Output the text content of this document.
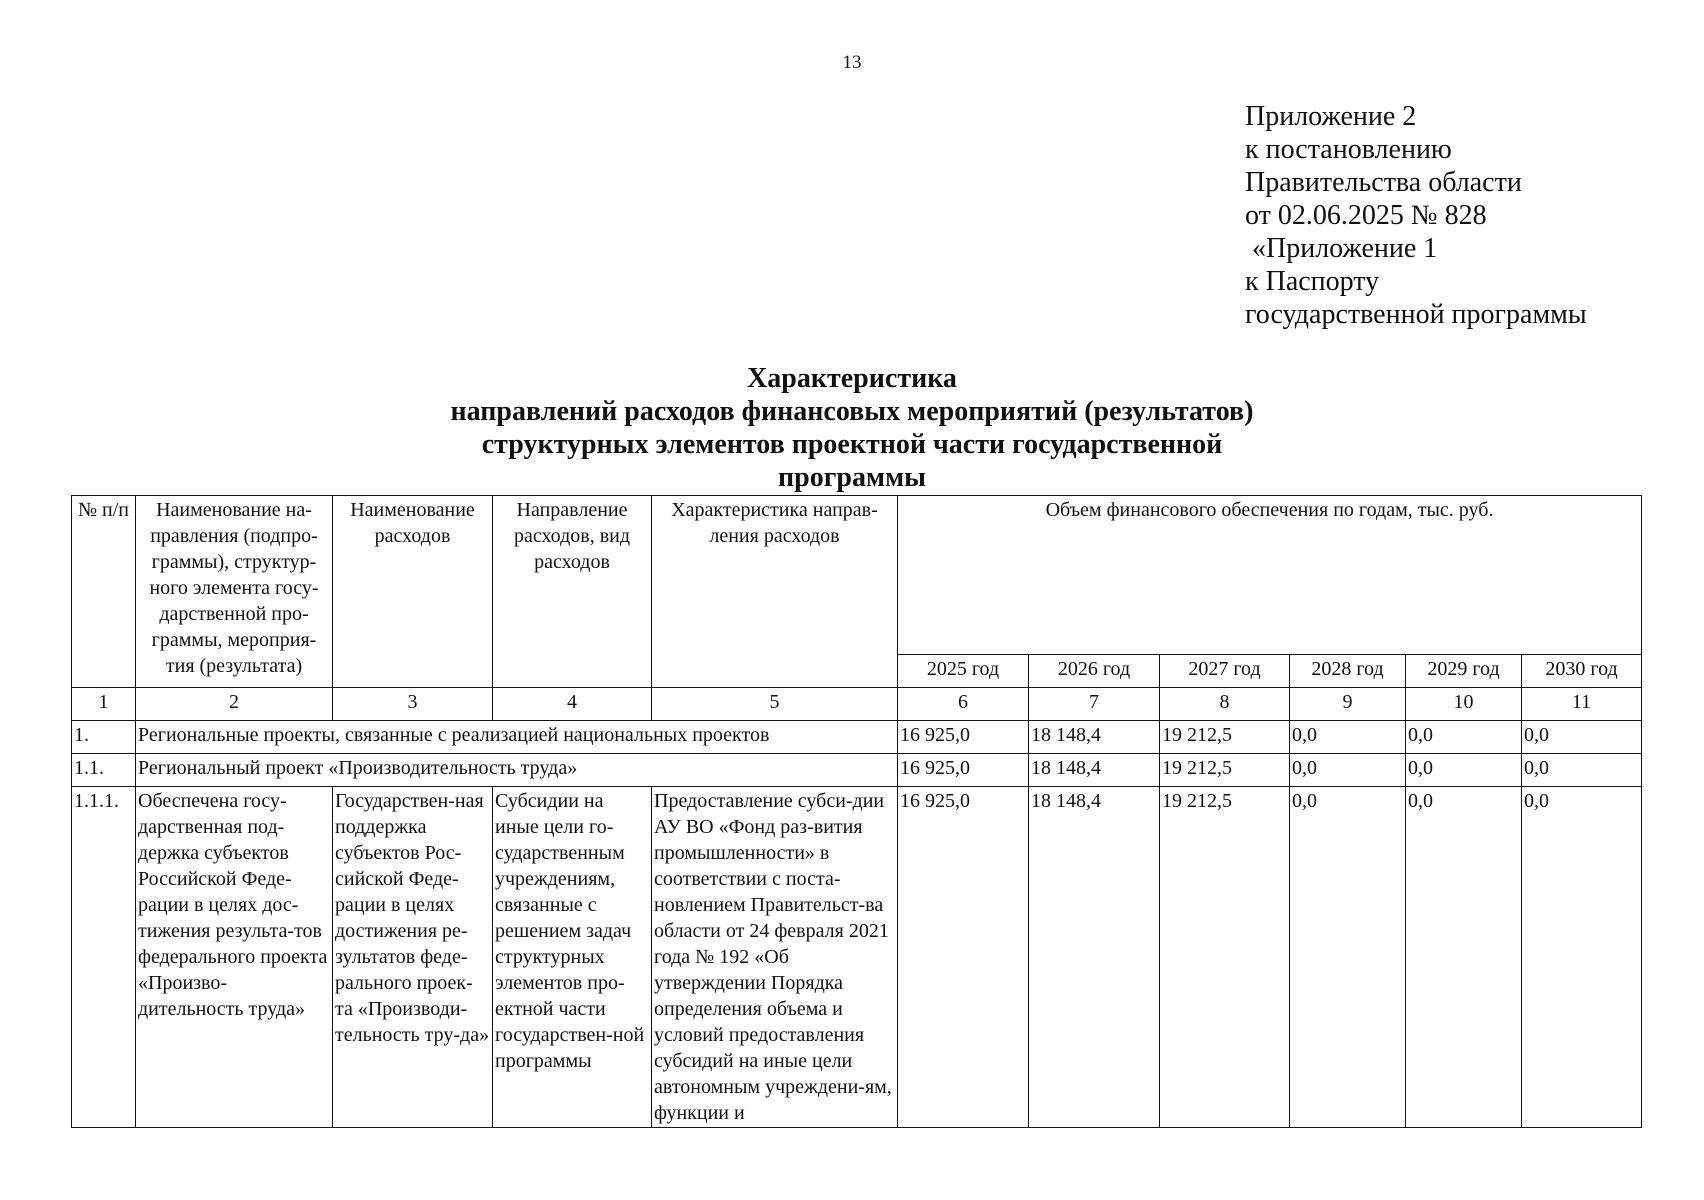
13
Приложение 2
к постановлению
Правительства области
от 02.06.2025 № 828
«Приложение 1
к Паспорту
государственной программы
Характеристика
направлений расходов финансовых мероприятий (результатов)
структурных элементов проектной части государственной
программы
№ п/п	Наименование на-правления (подпро-граммы), структур-ного элемента госу-дарственной про-граммы, мероприя-тия (результата)	Наименование расходов	Направление расходов, вид расходов	Характеристика направ-ления расходов	Объем финансового обеспечения по годам, тыс. руб.					
					2025 год	2026 год	2027 год	2028 год	2029 год	2030 год
1	2	3	4	5	6	7	8	9	10	11
1.	Региональные проекты, связанные с реализацией национальных проектов				16 925,0	18 148,4	19 212,5	0,0	0,0	0,0
1.1.	Региональный проект «Производительность труда»				16 925,0	18 148,4	19 212,5	0,0	0,0	0,0
1.1.1.	Обеспечена госу-дарственная под-держка субъектов Российской Феде-рации в целях дос-тижения результа-тов федерального проекта «Произво-дительность труда»	Государствен-ная поддержка субъектов Рос-сийской Феде-рации в целях достижения ре-зультатов феде-рального проек-та «Производи-тельность тру-да»	Субсидии на иные цели го-сударственным учреждениям, связанные с решением задач структурных элементов про-ектной части государствен-ной программы	Предоставление субси-дии АУ ВО «Фонд раз-вития промышленности» в соответствии с поста-новлением Правительст-ва области от 24 февраля 2021 года № 192 «Об утверждении Порядка определения объема и условий предоставления субсидий на иные цели автономным учреждени-ям, функции и	16 925,0	18 148,4	19 212,5	0,0	0,0	0,0
